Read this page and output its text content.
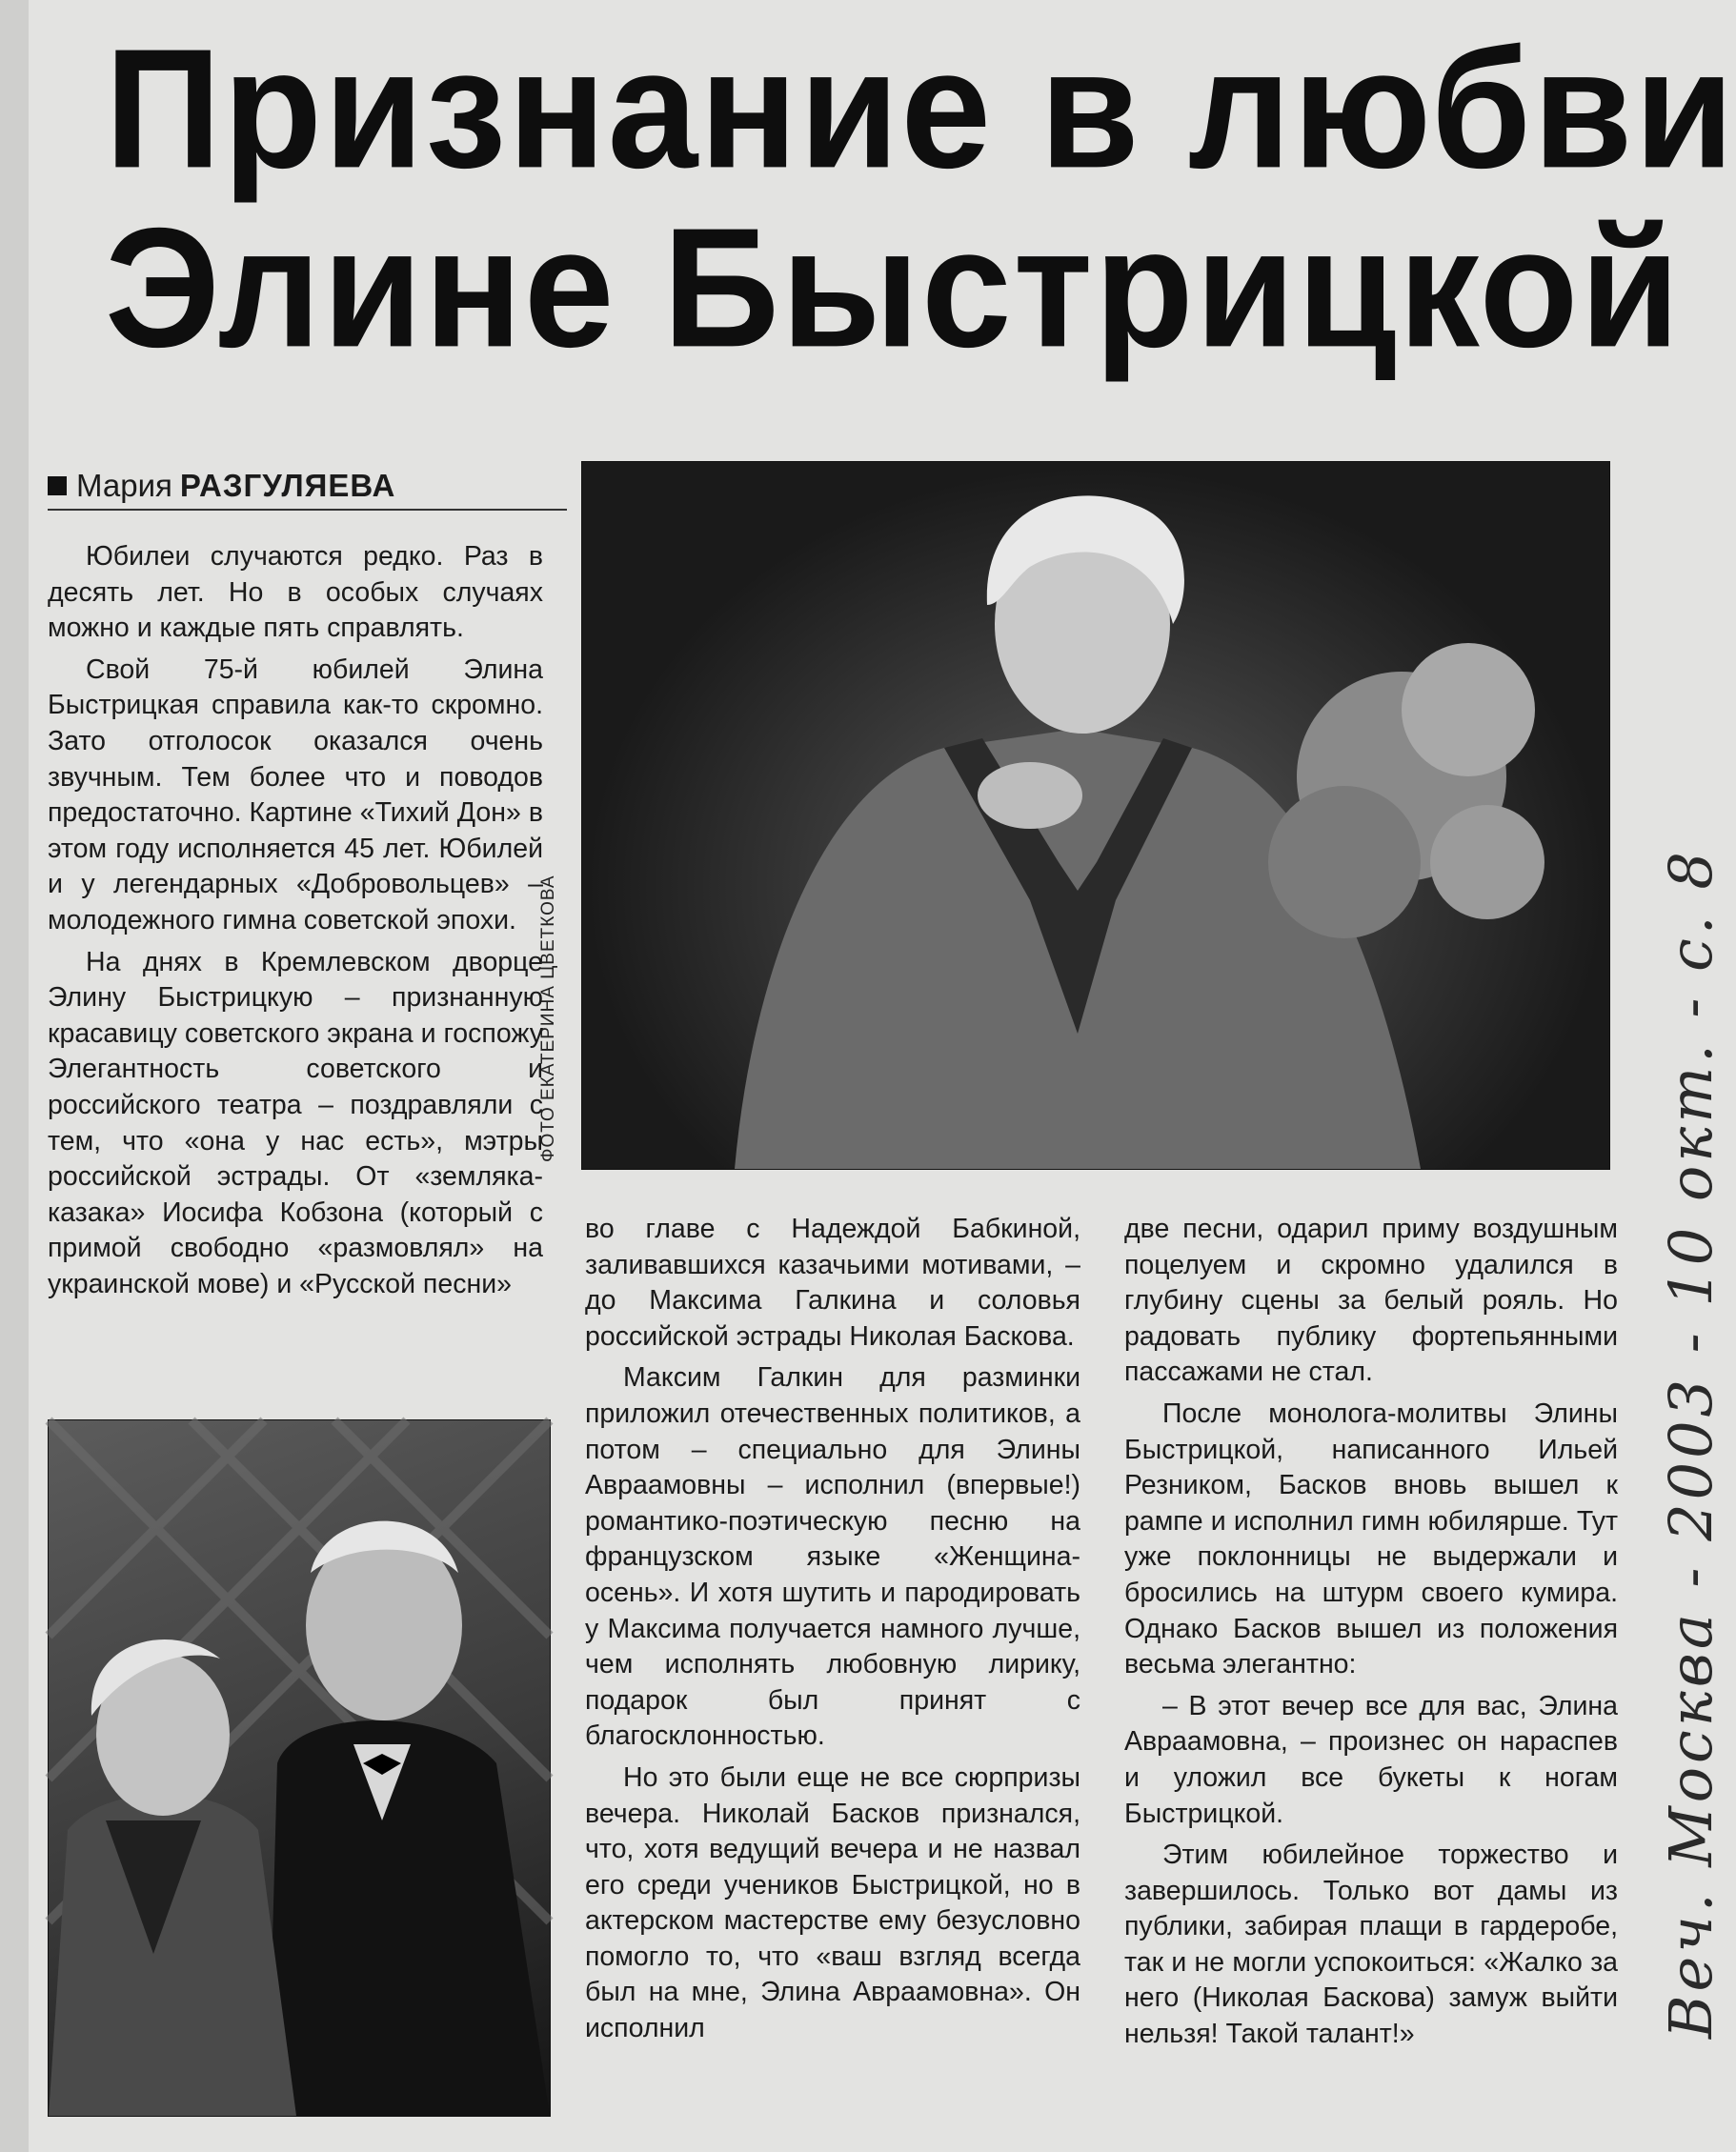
Признание в любви
Элине Быстрицкой
Мария РАЗГУЛЯЕВА

Юбилеи случаются редко. Раз в десять лет. Но в особых случаях можно и каждые пять справлять.

Свой 75-й юбилей Элина Быстрицкая справила как-то скромно. Зато отголосок оказался очень звучным. Тем более что и поводов предостаточно. Картине «Тихий Дон» в этом году исполняется 45 лет. Юбилей и у легендарных «Добровольцев» – молодежного гимна советской эпохи.

На днях в Кремлевском дворце Элину Быстрицкую – признанную красавицу советского экрана и госпожу Элегантность советского и российского театра – поздравляли с тем, что «она у нас есть», мэтры российской эстрады. От «земляка-казака» Иосифа Кобзона (который с примой свободно «размовлял» на украинской мове) и «Русской песни»

ФОТО ЕКАТЕРИНА ЦВЕТКОВА

во главе с Надеждой Бабкиной, заливавшихся казачьими мотивами, – до Максима Галкина и соловья российской эстрады Николая Баскова.

Максим Галкин для разминки приложил отечественных политиков, а потом – специально для Элины Авраамовны – исполнил (впервые!) романтико-поэтическую песню на французском языке «Женщина-осень». И хотя шутить и пародировать у Максима получается намного лучше, чем исполнять любовную лирику, подарок был принят с благосклонностью.

Но это были еще не все сюрпризы вечера. Николай Басков признался, что, хотя ведущий вечера и не назвал его среди учеников Быстрицкой, но в актерском мастерстве ему безусловно помогло то, что «ваш взгляд всегда был на мне, Элина Авраамовна». Он исполнил

две песни, одарил приму воздушным поцелуем и скромно удалился в глубину сцены за белый рояль. Но радовать публику фортепьянными пассажами не стал.

После монолога-молитвы Элины Быстрицкой, написанного Ильей Резником, Басков вновь вышел к рампе и исполнил гимн юбилярше. Тут уже поклонницы не выдержали и бросились на штурм своего кумира. Однако Басков вышел из положения весьма элегантно:

– В этот вечер все для вас, Элина Авраамовна, – произнес он нараспев и уложил все букеты к ногам Быстрицкой.

Этим юбилейное торжество и завершилось. Только вот дамы из публики, забирая плащи в гардеробе, так и не могли успокоиться: «Жалко за него (Николая Баскова) замуж выйти нельзя! Такой талант!»	Веч. Москва - 2003 - 10 окт. - с. 8
